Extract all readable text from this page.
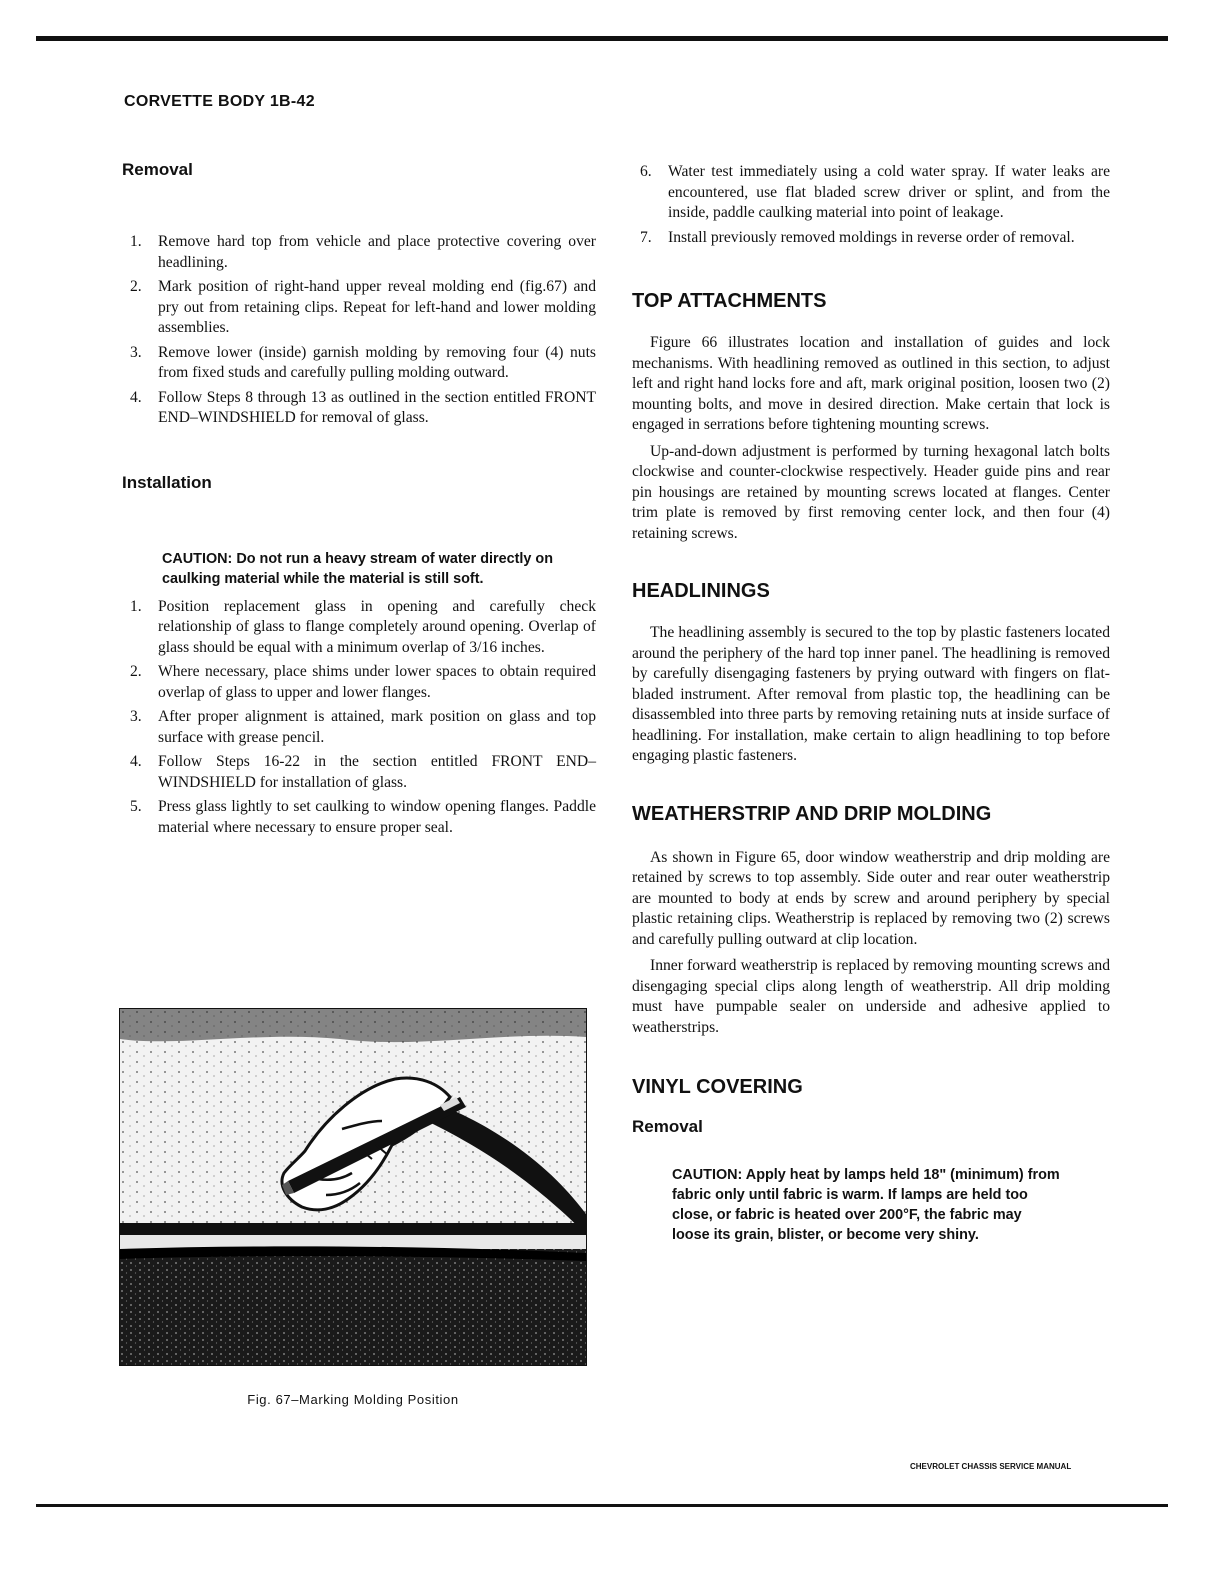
CORVETTE BODY 1B-42
Removal
1. Remove hard top from vehicle and place protective covering over headlining.
2. Mark position of right-hand upper reveal molding end (fig.67) and pry out from retaining clips. Repeat for left-hand and lower molding assemblies.
3. Remove lower (inside) garnish molding by removing four (4) nuts from fixed studs and carefully pulling molding outward.
4. Follow Steps 8 through 13 as outlined in the section entitled FRONT END–WINDSHIELD for removal of glass.
Installation

CAUTION: Do not run a heavy stream of water directly on caulking material while the material is still soft.

1. Position replacement glass in opening and carefully check relationship of glass to flange completely around opening. Overlap of glass should be equal with a minimum overlap of 3/16 inches.
2. Where necessary, place shims under lower spaces to obtain required overlap of glass to upper and lower flanges.
3. After proper alignment is attained, mark position on glass and top surface with grease pencil.
4. Follow Steps 16-22 in the section entitled FRONT END–WINDSHIELD for installation of glass.
5. Press glass lightly to set caulking to window opening flanges. Paddle material where necessary to ensure proper seal.
Fig. 67–Marking Molding Position
6. Water test immediately using a cold water spray. If water leaks are encountered, use flat bladed screw driver or splint, and from the inside, paddle caulking material into point of leakage.
7. Install previously removed moldings in reverse order of removal.
TOP ATTACHMENTS

Figure 66 illustrates location and installation of guides and lock mechanisms. With headlining removed as outlined in this section, to adjust left and right hand locks fore and aft, mark original position, loosen two (2) mounting bolts, and move in desired direction. Make certain that lock is engaged in serrations before tightening mounting screws.

Up-and-down adjustment is performed by turning hexagonal latch bolts clockwise and counter-clockwise respectively. Header guide pins and rear pin housings are retained by mounting screws located at flanges. Center trim plate is removed by first removing center lock, and then four (4) retaining screws.

HEADLININGS

The headlining assembly is secured to the top by plastic fasteners located around the periphery of the hard top inner panel. The headlining is removed by carefully disengaging fasteners by prying outward with fingers on flat-bladed instrument. After removal from plastic top, the headlining can be disassembled into three parts by removing retaining nuts at inside surface of headlining. For installation, make certain to align headlining to top before engaging plastic fasteners.

WEATHERSTRIP AND DRIP MOLDING

As shown in Figure 65, door window weatherstrip and drip molding are retained by screws to top assembly. Side outer and rear outer weatherstrip are mounted to body at ends by screw and around periphery by special plastic retaining clips. Weatherstrip is replaced by removing two (2) screws and carefully pulling outward at clip location.

Inner forward weatherstrip is replaced by removing mounting screws and disengaging special clips along length of weatherstrip. All drip molding must have pumpable sealer on underside and adhesive applied to weatherstrips.

VINYL COVERING
Removal

CAUTION: Apply heat by lamps held 18" (minimum) from fabric only until fabric is warm. If lamps are held too close, or fabric is heated over 200°F, the fabric may loose its grain, blister, or become very shiny.

CHEVROLET CHASSIS SERVICE MANUAL
